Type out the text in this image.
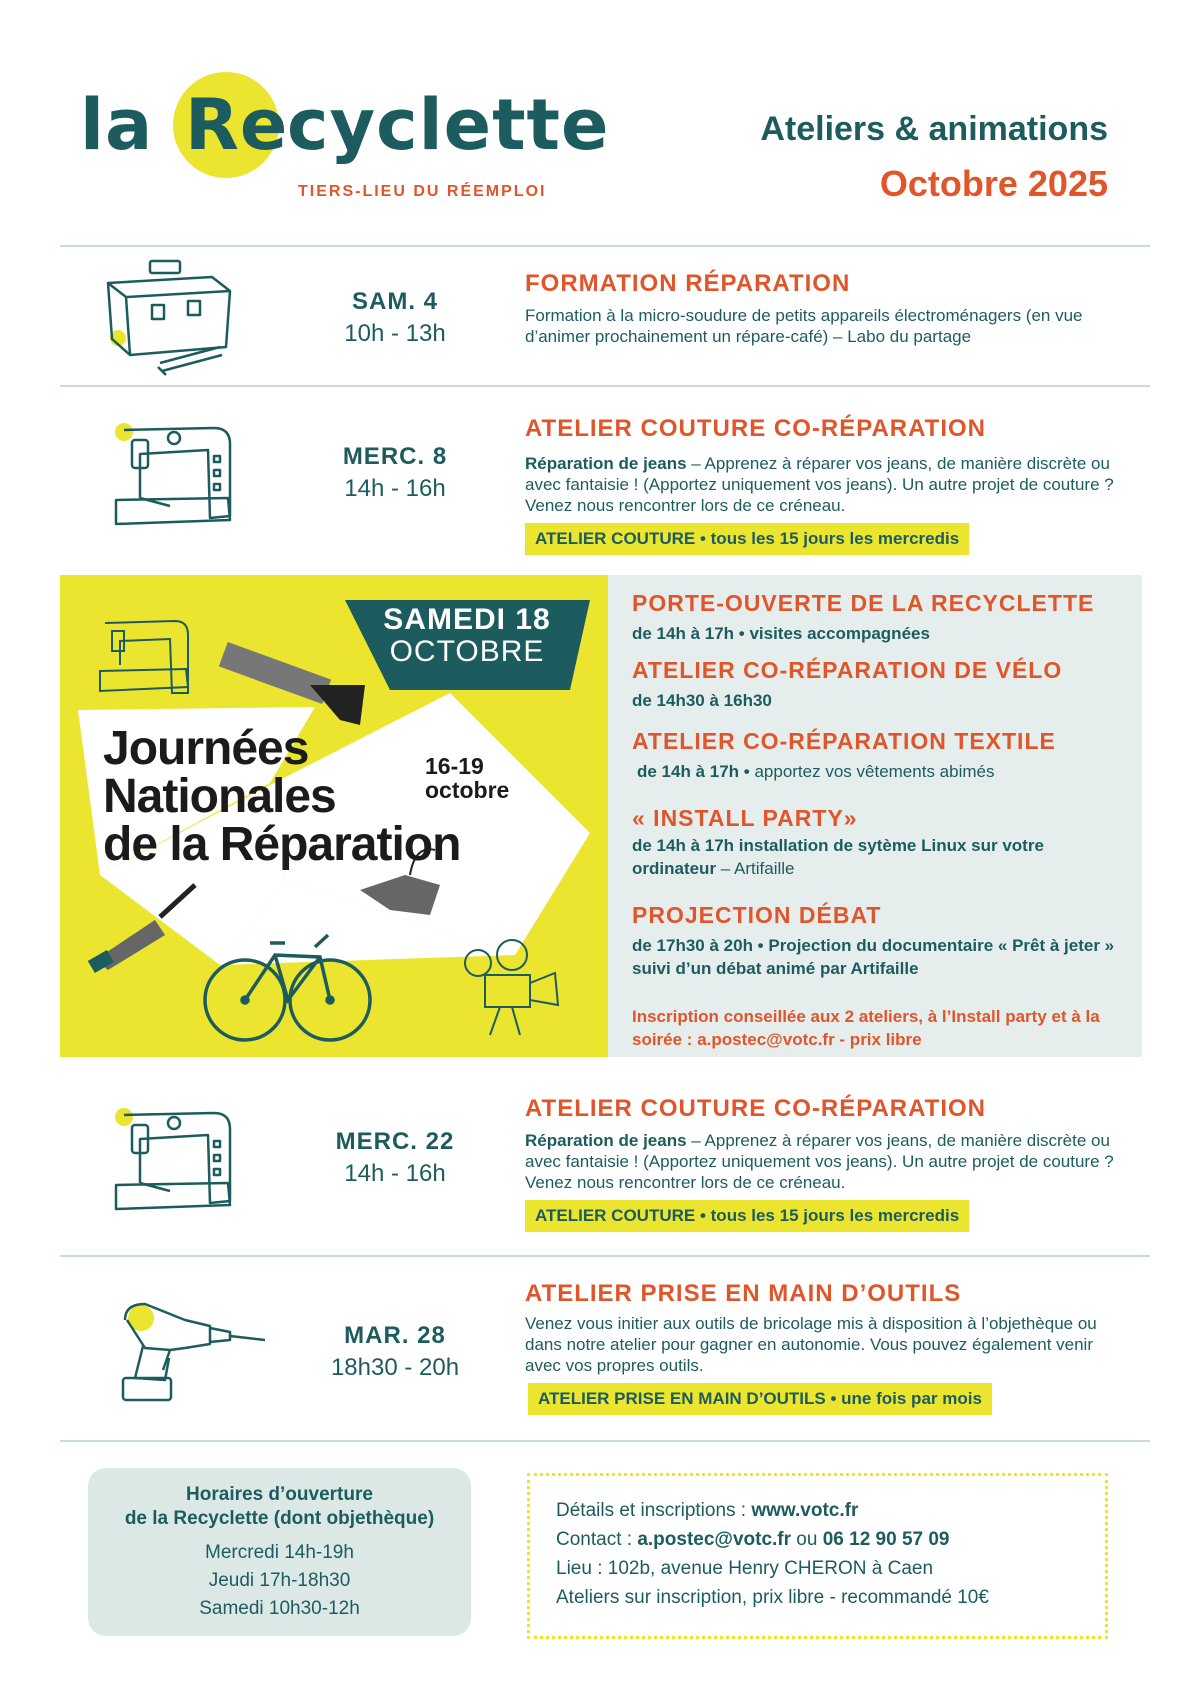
la Re
cyclette
TIERS-LIEU DU RÉEMPLOI
Ateliers & animations
Octobre 2025
SAM. 4
10h - 13h
FORMATION RÉPARATION
Formation à la micro-soudure de petits appareils électroménagers (en vue d’animer prochainement un répare-café) – Labo du partage
MERC. 8
14h - 16h
ATELIER COUTURE CO-RÉPARATION
Réparation de jeans – Apprenez à réparer vos jeans, de manière discrète ou avec fantaisie ! (Apportez uniquement vos jeans). Un autre projet de couture ? Venez nous rencontrer lors de ce créneau.
ATELIER COUTURE • tous les 15 jours les mercredis
SAMEDI 18
OCTOBRE
Journées
Nationales
de la Réparation
16-19
octobre
PORTE-OUVERTE DE LA RECYCLETTE
de 14h à 17h • visites accompagnées
ATELIER CO-RÉPARATION DE VÉLO
de 14h30 à 16h30
ATELIER CO-RÉPARATION TEXTILE
de 14h à 17h • apportez vos vêtements abimés
« INSTALL PARTY»
de 14h à 17h installation de sytème Linux sur votre ordinateur – Artifaille
PROJECTION DÉBAT
de 17h30 à 20h • Projection du documentaire « Prêt à jeter » suivi d’un débat animé par Artifaille
Inscription conseillée aux 2 ateliers, à l’Install party et à la soirée : a.postec@votc.fr - prix libre
MERC. 22
14h - 16h
ATELIER COUTURE CO-RÉPARATION
Réparation de jeans – Apprenez à réparer vos jeans, de manière discrète ou avec fantaisie ! (Apportez uniquement vos jeans). Un autre projet de couture ? Venez nous rencontrer lors de ce créneau.
ATELIER COUTURE • tous les 15 jours les mercredis
MAR. 28
18h30 - 20h
ATELIER PRISE EN MAIN D’OUTILS
Venez vous initier aux outils de bricolage mis à disposition à l’objethèque ou dans notre atelier pour gagner en autonomie. Vous pouvez également venir avec vos propres outils.
ATELIER PRISE EN MAIN D’OUTILS • une fois par mois
Horaires d’ouverture
de la Recyclette (dont objethèque)
Mercredi 14h-19h
Jeudi 17h-18h30
Samedi 10h30-12h
Détails et inscriptions : www.votc.fr
Contact : a.postec@votc.fr ou 06 12 90 57 09
Lieu : 102b, avenue Henry CHERON à Caen
Ateliers sur inscription, prix libre - recommandé 10€
